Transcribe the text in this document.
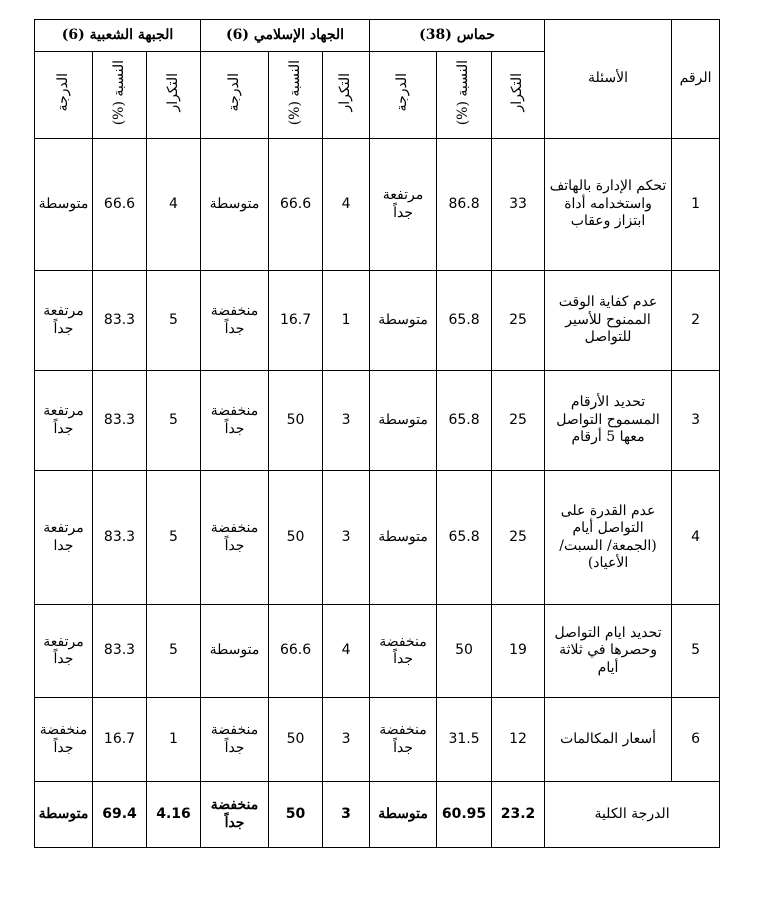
الرقم	الأسئلة	حماس (38)			الجهاد الإسلامي (6)			الجبهة الشعبية (6)		
		التكرار	النسبة (%)	الدرجة	التكرار	النسبة (%)	الدرجة	التكرار	النسبة (%)	الدرجة
1	تحكم الإدارة بالهاتف واستخدامه أداة ابتزاز وعقاب	33	86.8	مرتفعة جداً	4	66.6	متوسطة	4	66.6	متوسطة
2	عدم كفاية الوقت الممنوح للأسير للتواصل	25	65.8	متوسطة	1	16.7	منخفضة جداً	5	83.3	مرتفعة جداً
3	تحديد الأرقام المسموح التواصل معها 5 أرقام	25	65.8	متوسطة	3	50	منخفضة جداً	5	83.3	مرتفعة جداً
4	عدم القدرة على التواصل أيام (الجمعة/ السبت/ الأعياد)	25	65.8	متوسطة	3	50	منخفضة جداً	5	83.3	مرتفعة جدا
5	تحديد ايام التواصل وحصرها في ثلاثة أيام	19	50	منخفضة جداً	4	66.6	متوسطة	5	83.3	مرتفعة جداً
6	أسعار المكالمات	12	31.5	منخفضة جداً	3	50	منخفضة جداً	1	16.7	منخفضة جداً
الدرجة الكلية		23.2	60.95	متوسطة	3	50	منخفضة جداً	4.16	69.4	متوسطة
